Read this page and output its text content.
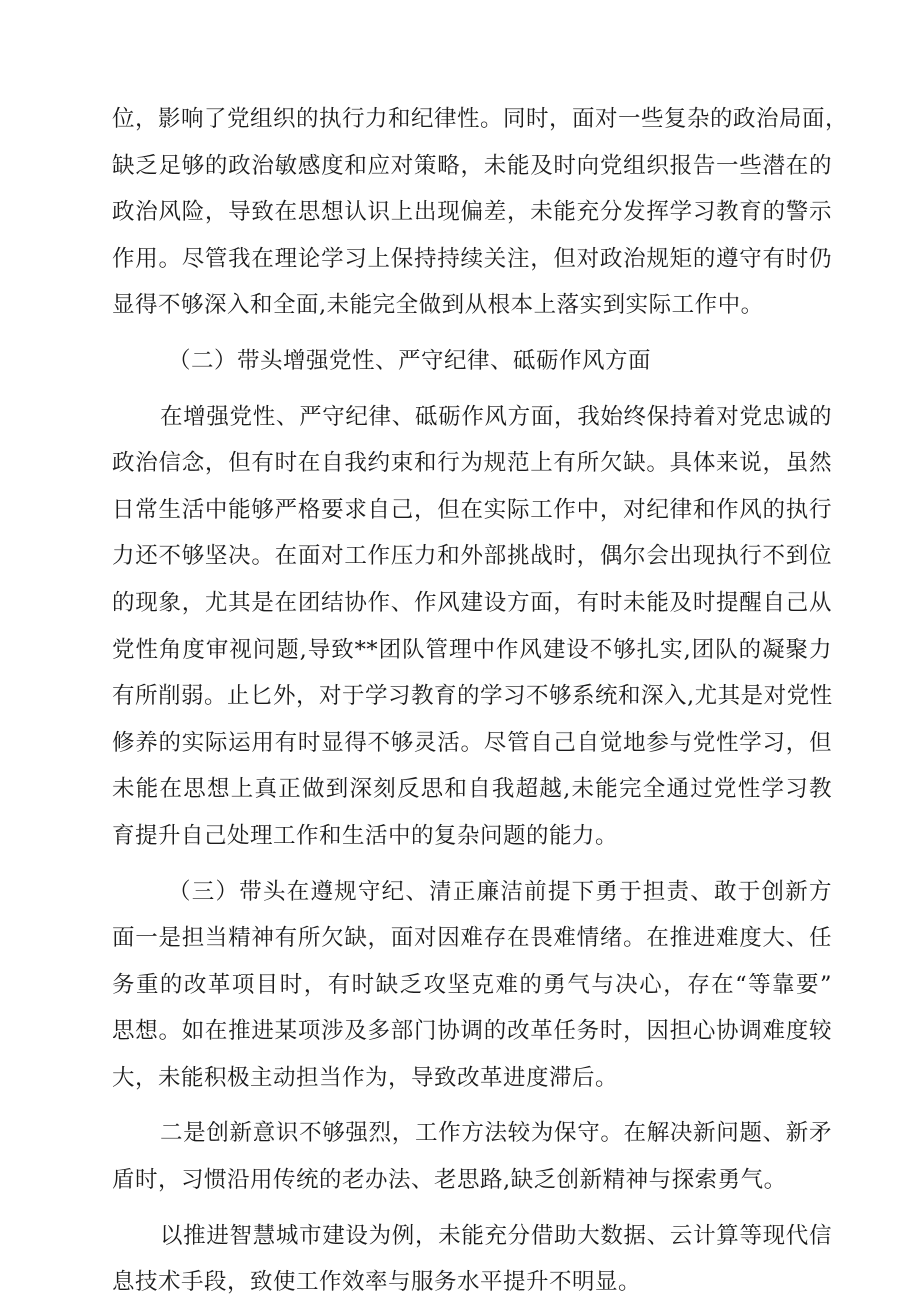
位，影响了党组织的执行力和纪律性。同时，面对一些复杂的政治局面，
缺乏足够的政治敏感度和应对策略，未能及时向党组织报告一些潜在的
政治风险，导致在思想认识上出现偏差，未能充分发挥学习教育的警示
作用。尽管我在理论学习上保持持续关注，但对政治规矩的遵守有时仍
显得不够深入和全面,未能完全做到从根本上落实到实际工作中。
（二）带头增强党性、严守纪律、砥砺作风方面
在增强党性、严守纪律、砥砺作风方面，我始终保持着对党忠诚的
政治信念，但有时在自我约束和行为规范上有所欠缺。具体来说，虽然
日常生活中能够严格要求自己，但在实际工作中，对纪律和作风的执行
力还不够坚决。在面对工作压力和外部挑战时，偶尔会出现执行不到位
的现象，尤其是在团结协作、作风建设方面，有时未能及时提醒自己从
党性角度审视问题,导致**团队管理中作风建设不够扎实,团队的凝聚力
有所削弱。止匕外，对于学习教育的学习不够系统和深入,尤其是对党性
修养的实际运用有时显得不够灵活。尽管自己自觉地参与党性学习，但
未能在思想上真正做到深刻反思和自我超越,未能完全通过党性学习教
育提升自己处理工作和生活中的复杂问题的能力。
（三）带头在遵规守纪、清正廉洁前提下勇于担责、敢于创新方
面一是担当精神有所欠缺，面对因难存在畏难情绪。在推进难度大、任
务重的改革项目时，有时缺乏攻坚克难的勇气与决心，存在“等靠要”
思想。如在推进某项涉及多部门协调的改革任务时，因担心协调难度较
大，未能积极主动担当作为，导致改革进度滞后。
二是创新意识不够强烈，工作方法较为保守。在解决新问题、新矛
盾时，习惯沿用传统的老办法、老思路,缺乏创新精神与探索勇气。
以推进智慧城市建设为例，未能充分借助大数据、云计算等现代信
息技术手段，致使工作效率与服务水平提升不明显。
